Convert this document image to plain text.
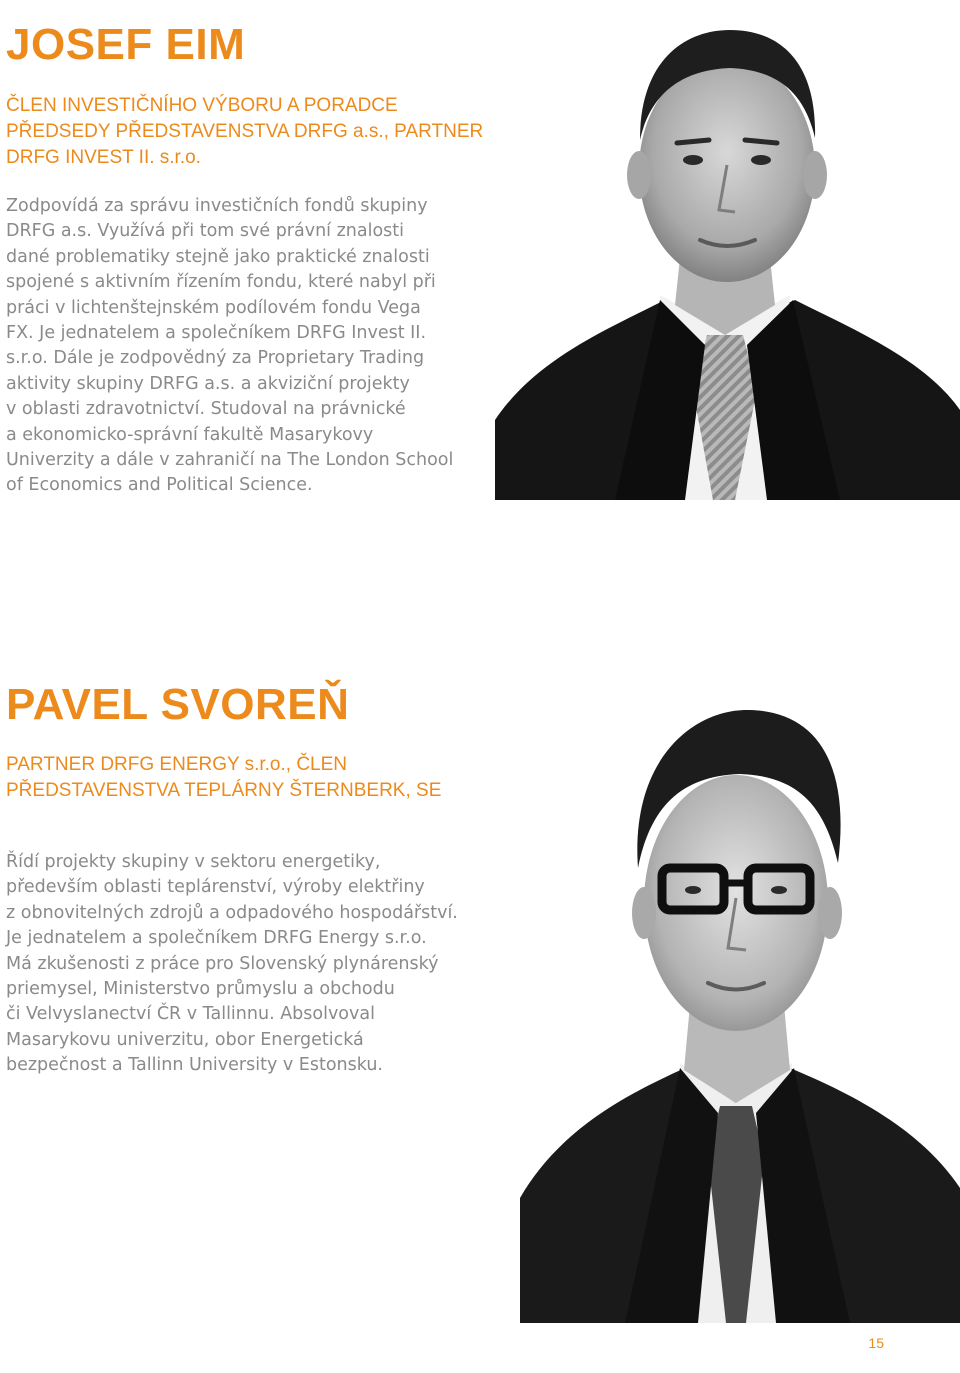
JOSEF EIM
ČLEN INVESTIČNÍHO VÝBORU A PORADCE
PŘEDSEDY PŘEDSTAVENSTVA DRFG a.s., PARTNER
DRFG INVEST II. s.r.o.
Zodpovídá za správu investičních fondů skupiny
DRFG a.s. Využívá při tom své právní znalosti
dané problematiky stejně jako praktické znalosti
spojené s aktivním řízením fondu, které nabyl při
práci v lichtenštejnském podílovém fondu Vega
FX. Je jednatelem a společníkem DRFG Invest II.
s.r.o. Dále je zodpovědný za Proprietary Trading
aktivity skupiny DRFG a.s. a akviziční projekty
v oblasti zdravotnictví. Studoval na právnické
a ekonomicko-správní fakultě Masarykovy
Univerzity a dále v zahraničí na The London School
of Economics and Political Science.
PAVEL SVOREŇ
PARTNER DRFG ENERGY s.r.o., ČLEN
PŘEDSTAVENSTVA TEPLÁRNY ŠTERNBERK, SE
Řídí projekty skupiny v sektoru energetiky,
především oblasti teplárenství, výroby elektřiny
z obnovitelných zdrojů a odpadového hospodářství.
Je jednatelem a společníkem DRFG Energy s.r.o.
Má zkušenosti z práce pro Slovenský plynárenský
priemysel, Ministerstvo průmyslu a obchodu
či Velvyslanectví ČR v Tallinnu. Absolvoval
Masarykovu univerzitu, obor Energetická
bezpečnost a Tallinn University v Estonsku.
15
